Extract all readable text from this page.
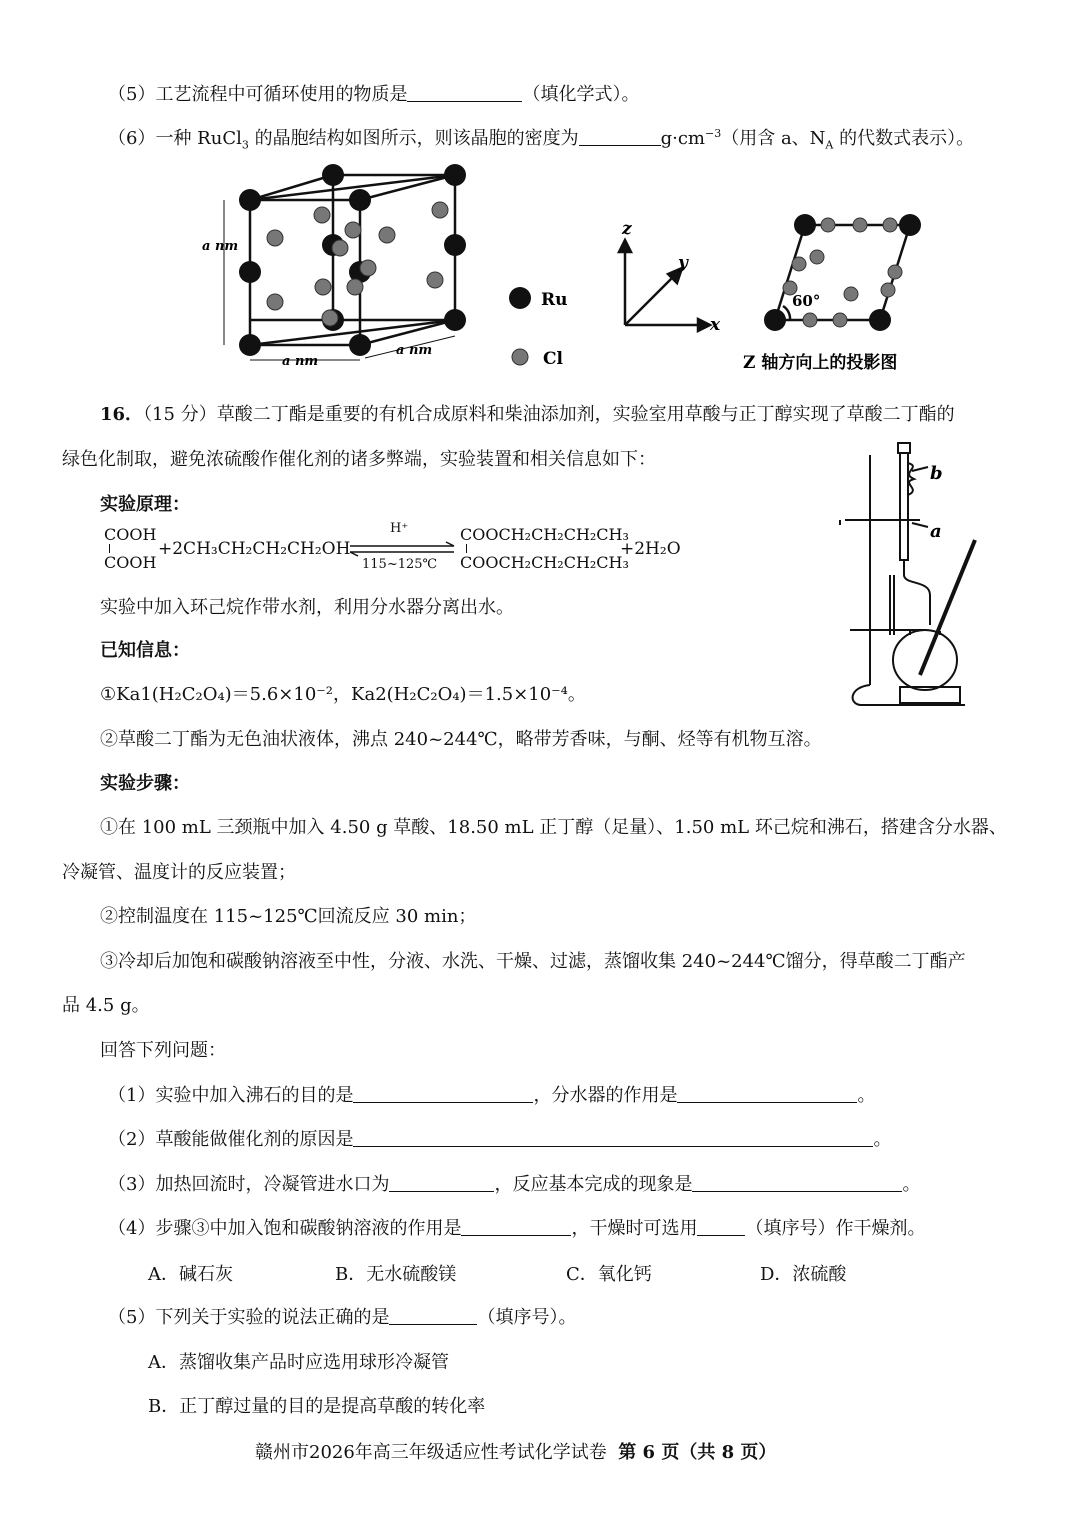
（5）工艺流程中可循环使用的物质是	（填化学式）。
（6）一种 RuCl$_3$ 的晶胞结构如图所示，则该晶胞的密度为	$g\cdot cm^{-3}$（用含 a、$N_A$ 的代数式表示）。
a nm
a nm
a nm
Ru
Cl
z
y
x
60°
Z 轴方向上的投影图
16．（15 分）草酸二丁酯是重要的有机合成原料和柴油添加剂，实验室用草酸与正丁醇实现了草酸二丁酯的
绿色化制取，避免浓硫酸作催化剂的诸多弊端，实验装置和相关信息如下：
b
a
实验原理：
COOH
COOH
+2CH₃CH₂CH₂CH₂OH
H⁺
115~125℃
COOCH₂CH₂CH₂CH₃
COOCH₂CH₂CH₂CH₃
+2H₂O
实验中加入环己烷作带水剂，利用分水器分离出水。
已知信息：
①Ka1(H₂C₂O₄)＝5.6×10⁻²，Ka2(H₂C₂O₄)＝1.5×10⁻⁴。
②草酸二丁酯为无色油状液体，沸点 240~244℃，略带芳香味，与酮、烃等有机物互溶。
实验步骤：
①在 100 mL 三颈瓶中加入 4.50 g 草酸、18.50 mL 正丁醇（足量）、1.50 mL 环己烷和沸石，搭建含分水器、
冷凝管、温度计的反应装置；
②控制温度在 115~125℃回流反应 30 min；
③冷却后加饱和碳酸钠溶液至中性，分液、水洗、干燥、过滤，蒸馏收集 240~244℃馏分，得草酸二丁酯产
品 4.5 g。
回答下列问题：
（1）实验中加入沸石的目的是	，分水器的作用是	。
（2）草酸能做催化剂的原因是	。
（3）加热回流时，冷凝管进水口为	，反应基本完成的现象是	。
（4）步骤③中加入饱和碳酸钠溶液的作用是	，干燥时可选用	（填序号）作干燥剂。
A．碱石灰	B．无水硫酸镁	C．氧化钙	D．浓硫酸
（5）下列关于实验的说法正确的是	（填序号）。
A．蒸馏收集产品时应选用球形冷凝管
B．正丁醇过量的目的是提高草酸的转化率
赣州市2026年高三年级适应性考试化学试卷 第 6 页（共 8 页）
